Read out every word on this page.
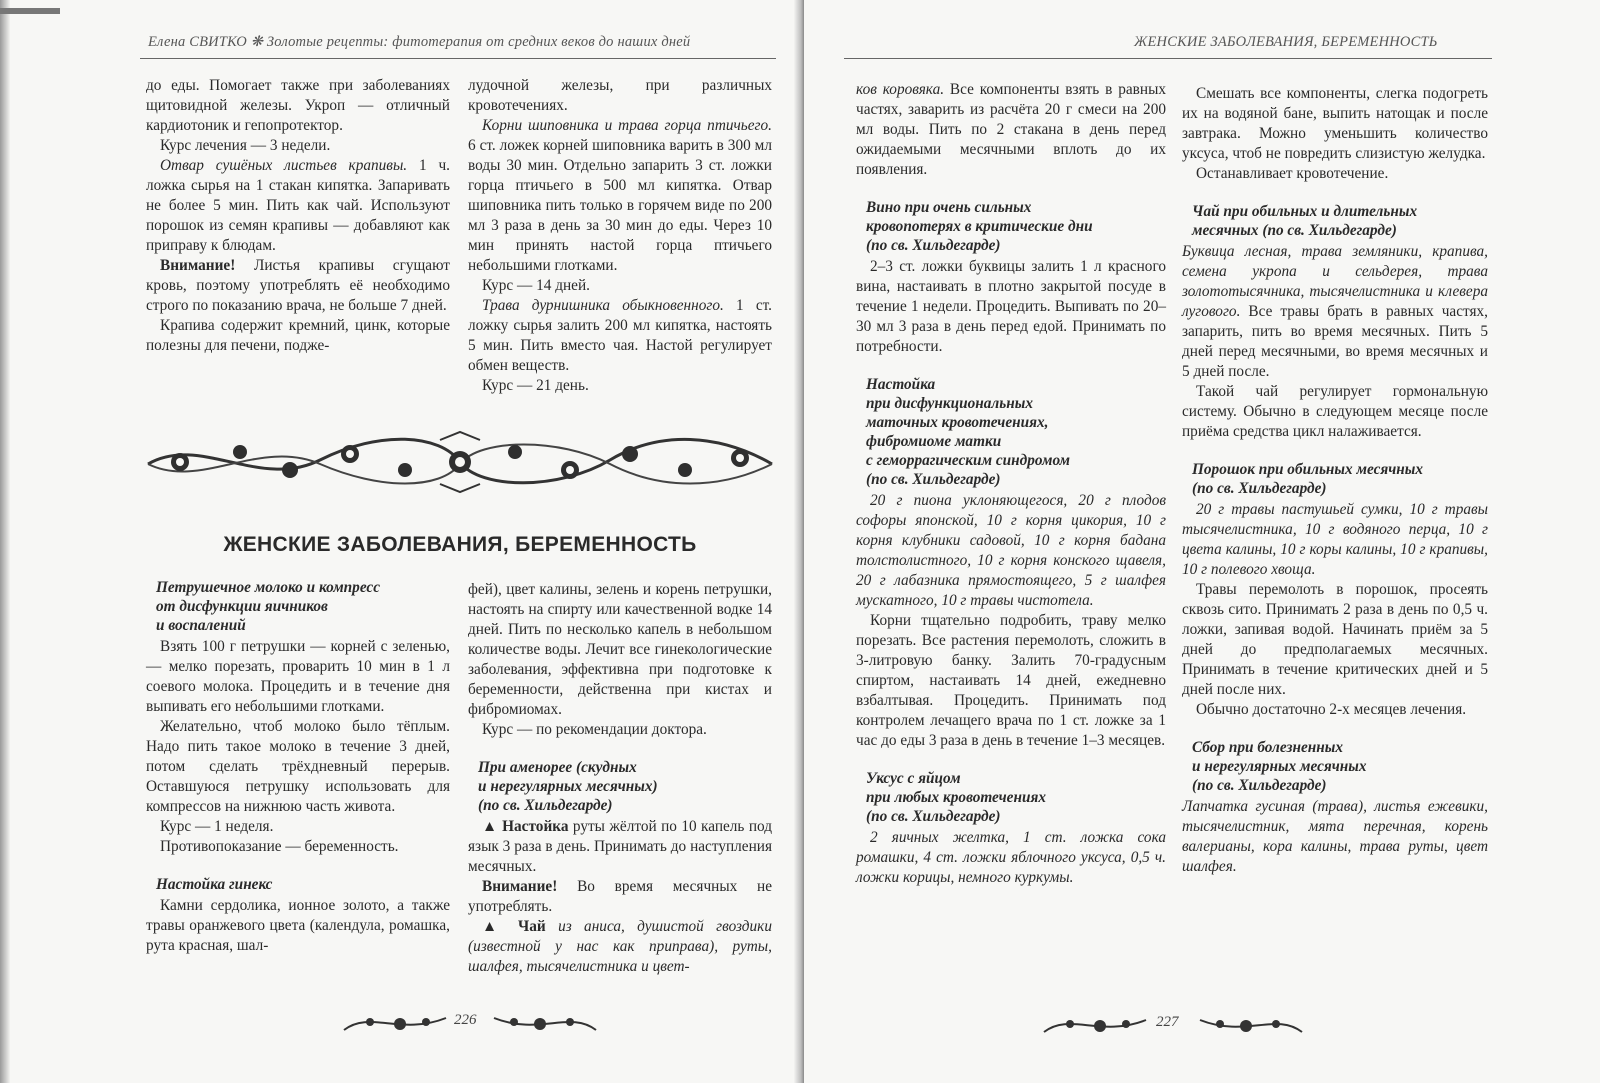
Елена СВИТКО ❋ Золотые рецепты: фитотерапия от средних веков до наших дней

до еды. Помогает также при заболеваниях щитовидной железы. Укроп — отличный кардиотоник и гепопротектор.

Курс лечения — 3 недели.

Отвар сушёных листьев крапивы. 1 ч. ложка сырья на 1 стакан кипятка. Запаривать не более 5 мин. Пить как чай. Используют порошок из семян крапивы — добавляют как приправу к блюдам.

Внимание! Листья крапивы сгущают кровь, поэтому употреблять её необходимо строго по показанию врача, не больше 7 дней.

Крапива содержит кремний, цинк, которые полезны для печени, подже-

лудочной железы, при различных кровотечениях.

Корни шиповника и трава горца птичьего. 6 ст. ложек корней шиповника варить в 300 мл воды 30 мин. Отдельно запарить 3 ст. ложки горца птичьего в 500 мл кипятка. Отвар шиповника пить только в горячем виде по 200 мл 3 раза в день за 30 мин до еды. Через 10 мин принять настой горца птичьего небольшими глотками.

Курс — 14 дней.

Трава дурнишника обыкновенного. 1 ст. ложку сырья залить 200 мл кипятка, настоять 5 мин. Пить вместо чая. Настой регулирует обмен веществ.

Курс — 21 день.

ЖЕНСКИЕ ЗАБОЛЕВАНИЯ, БЕРЕМЕННОСТЬ
Петрушечное молоко и компресс
от дисфункции яичников
и воспалений

Взять 100 г петрушки — корней с зеленью, — мелко порезать, проварить 10 мин в 1 л соевого молока. Процедить и в течение дня выпивать его небольшими глотками.

Желательно, чтоб молоко было тёплым. Надо пить такое молоко в течение 3 дней, потом сделать трёхдневный перерыв. Оставшуюся петрушку использовать для компрессов на нижнюю часть живота.

Курс — 1 неделя.

Противопоказание — беременность.

Настойка гинекс

Камни сердолика, ионное золото, а также травы оранжевого цвета (календула, ромашка, рута красная, шал-

фей), цвет калины, зелень и корень петрушки, настоять на спирту или качественной водке 14 дней. Пить по несколько капель в небольшом количестве воды. Лечит все гинекологические заболевания, эффективна при подготовке к беременности, действенна при кистах и фибромиомах.

Курс — по рекомендации доктора.

При аменорее (скудных
и нерегулярных месячных)
(по св. Хильдегарде)

▲ Настойка руты жёлтой по 10 капель под язык 3 раза в день. Принимать до наступления месячных.

Внимание! Во время месячных не употреблять.

▲ Чай из аниса, душистой гвоздики (известной у нас как приправа), руты, шалфея, тысячелистника и цвет-

226
ЖЕНСКИЕ ЗАБОЛЕВАНИЯ, БЕРЕМЕННОСТЬ

ков коровяка. Все компоненты взять в равных частях, заварить из расчёта 20 г смеси на 200 мл воды. Пить по 2 стакана в день перед ожидаемыми месячными вплоть до их появления.

Вино при очень сильных
кровопотерях в критические дни
(по св. Хильдегарде)

2–3 ст. ложки буквицы залить 1 л красного вина, настаивать в плотно закрытой посуде в течение 1 недели. Процедить. Выпивать по 20–30 мл 3 раза в день перед едой. Принимать по потребности.

Настойка
при дисфункциональных
маточных кровотечениях,
фибромиоме матки
с геморрагическим синдромом
(по св. Хильдегарде)

20 г пиона уклоняющегося, 20 г плодов софоры японской, 10 г корня цикория, 10 г корня клубники садовой, 10 г корня бадана толстолистного, 10 г корня конского щавеля, 20 г лабазника прямостоящего, 5 г шалфея мускатного, 10 г травы чистотела.

Корни тщательно подробить, траву мелко порезать. Все растения перемолоть, сложить в 3-литровую банку. Залить 70-градусным спиртом, настаивать 14 дней, ежедневно взбалтывая. Процедить. Принимать под контролем лечащего врача по 1 ст. ложке за 1 час до еды 3 раза в день в течение 1–3 месяцев.

Уксус с яйцом
при любых кровотечениях
(по св. Хильдегарде)

2 яичных желтка, 1 ст. ложка сока ромашки, 4 ст. ложки яблочного уксуса, 0,5 ч. ложки корицы, немного куркумы.

Смешать все компоненты, слегка подогреть их на водяной бане, выпить натощак и после завтрака. Можно уменьшить количество уксуса, чтоб не повредить слизистую желудка.

Останавливает кровотечение.

Чай при обильных и длительных
месячных (по св. Хильдегарде)

Буквица лесная, трава земляники, крапива, семена укропа и сельдерея, трава золототысячника, тысячелистника и клевера лугового. Все травы брать в равных частях, запарить, пить во время месячных. Пить 5 дней перед месячными, во время месячных и 5 дней после.

Такой чай регулирует гормональную систему. Обычно в следующем месяце после приёма средства цикл налаживается.

Порошок при обильных месячных
(по св. Хильдегарде)

20 г травы пастушьей сумки, 10 г травы тысячелистника, 10 г водяного перца, 10 г цвета калины, 10 г коры калины, 10 г крапивы, 10 г полевого хвоща.

Травы перемолоть в порошок, просеять сквозь сито. Принимать 2 раза в день по 0,5 ч. ложки, запивая водой. Начинать приём за 5 дней до предполагаемых месячных. Принимать в течение критических дней и 5 дней после них.

Обычно достаточно 2-х месяцев лечения.

Сбор при болезненных
и нерегулярных месячных
(по св. Хильдегарде)

Лапчатка гусиная (трава), листья ежевики, тысячелистник, мята перечная, корень валерианы, кора калины, трава руты, цвет шалфея.

227
